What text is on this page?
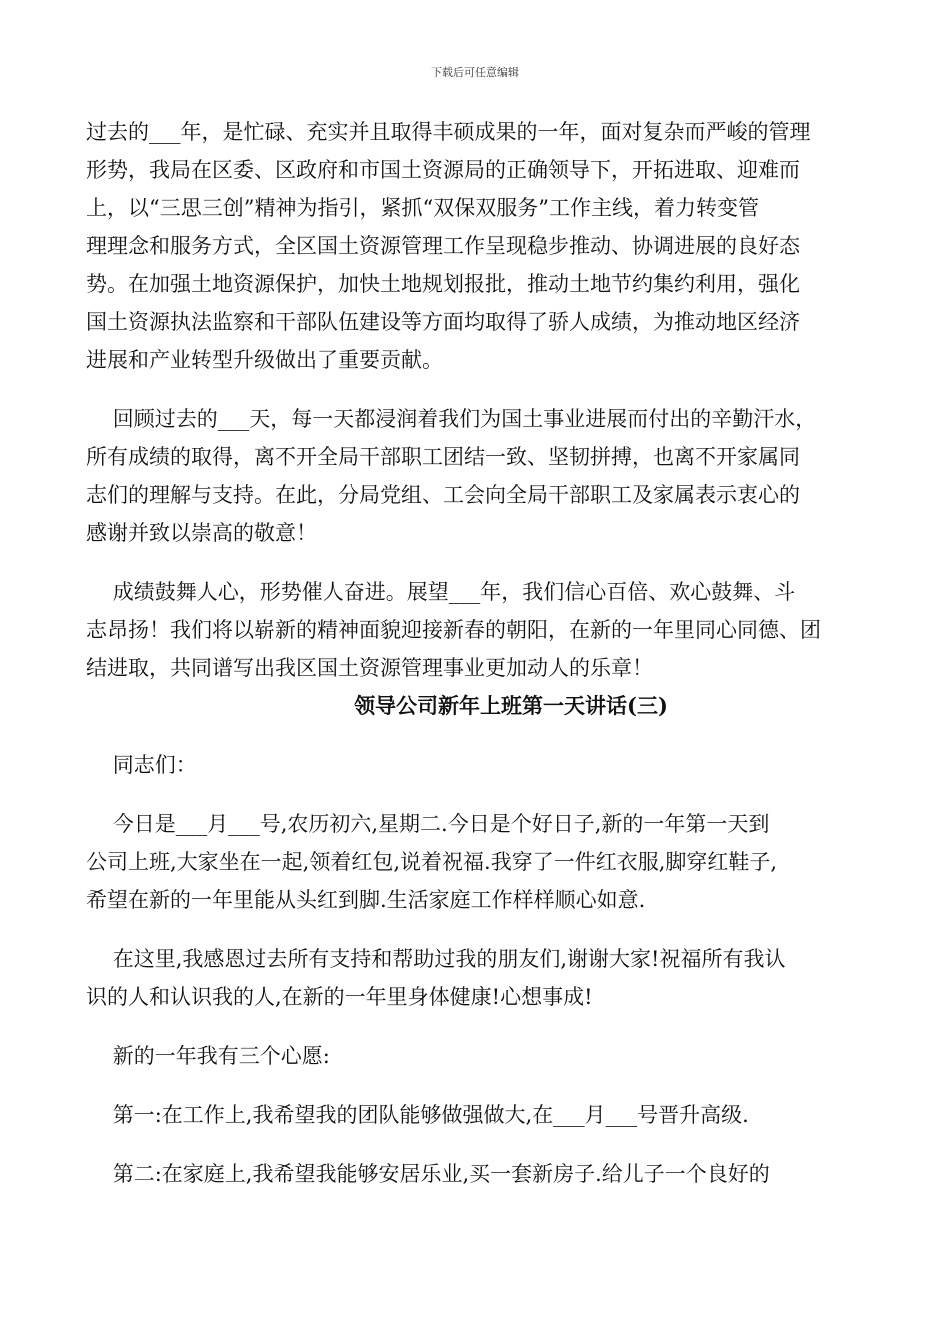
下载后可任意编辑

过去的___年，是忙碌、充实并且取得丰硕成果的一年，面对复杂而严峻的管理

形势，我局在区委、区政府和市国土资源局的正确领导下，开拓进取、迎难而

上，以“三思三创”精神为指引，紧抓“双保双服务”工作主线，着力转变管

理理念和服务方式，全区国土资源管理工作呈现稳步推动、协调进展的良好态

势。在加强土地资源保护，加快土地规划报批，推动土地节约集约利用，强化

国土资源执法监察和干部队伍建设等方面均取得了骄人成绩，为推动地区经济

进展和产业转型升级做出了重要贡献。

回顾过去的___天，每一天都浸润着我们为国土事业进展而付出的辛勤汗水，

所有成绩的取得，离不开全局干部职工团结一致、坚韧拼搏，也离不开家属同

志们的理解与支持。在此，分局党组、工会向全局干部职工及家属表示衷心的

感谢并致以崇高的敬意！

成绩鼓舞人心，形势催人奋进。展望___年，我们信心百倍、欢心鼓舞、斗

志昂扬！我们将以崭新的精神面貌迎接新春的朝阳，在新的一年里同心同德、团

结进取，共同谱写出我区国土资源管理事业更加动人的乐章！

领导公司新年上班第一天讲话(三)

同志们：

今日是___月___号,农历初六,星期二.今日是个好日子,新的一年第一天到

公司上班,大家坐在一起,领着红包,说着祝福.我穿了一件红衣服,脚穿红鞋子,

希望在新的一年里能从头红到脚.生活家庭工作样样顺心如意.

在这里,我感恩过去所有支持和帮助过我的朋友们,谢谢大家!祝福所有我认

识的人和认识我的人,在新的一年里身体健康!心想事成!

新的一年我有三个心愿:

第一:在工作上,我希望我的团队能够做强做大,在___月___号晋升高级.

第二:在家庭上,我希望我能够安居乐业,买一套新房子.给儿子一个良好的
